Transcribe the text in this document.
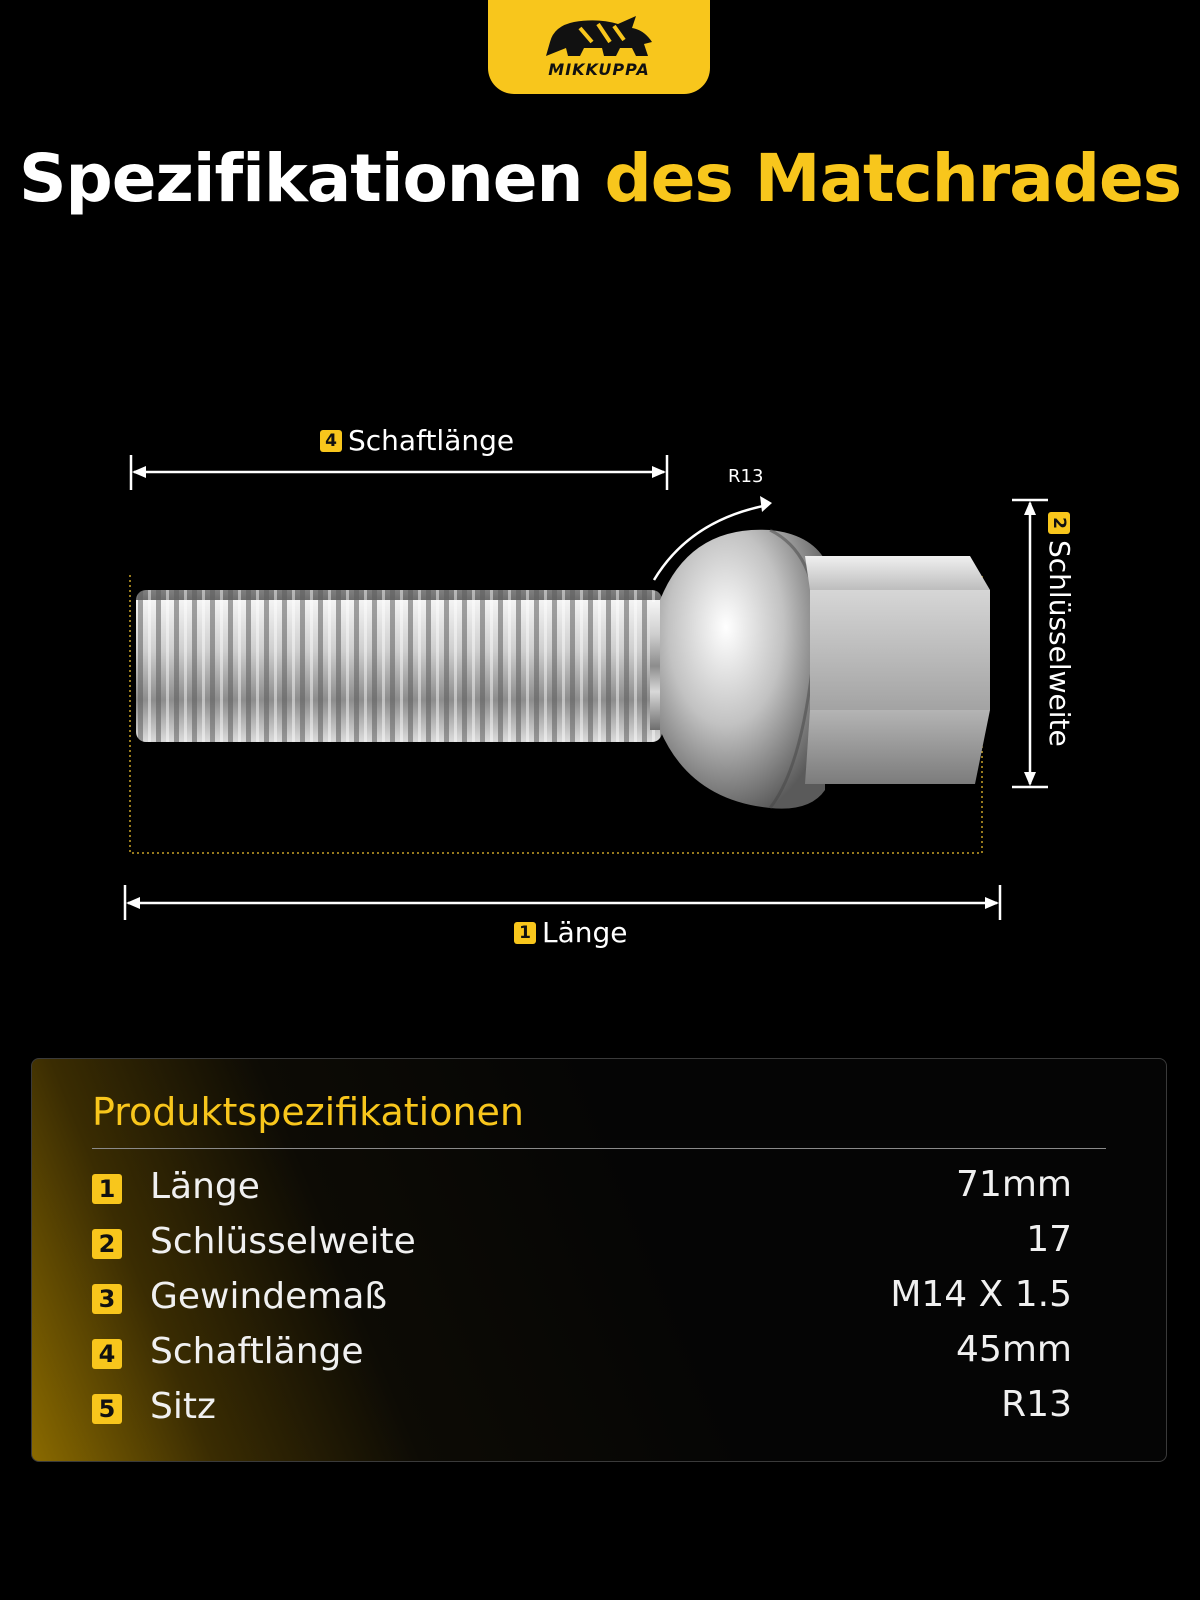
MIKKUPPA
Spezifikationen des Matchrades
4 Schaftlänge
R13
2
Schlüsselweite
1 Länge
Produktspezifikationen
1 Länge	71mm
2 Schlüsselweite	17
3 Gewindemaß	M14 X 1.5
4 Schaftlänge	45mm
5 Sitz	R13
